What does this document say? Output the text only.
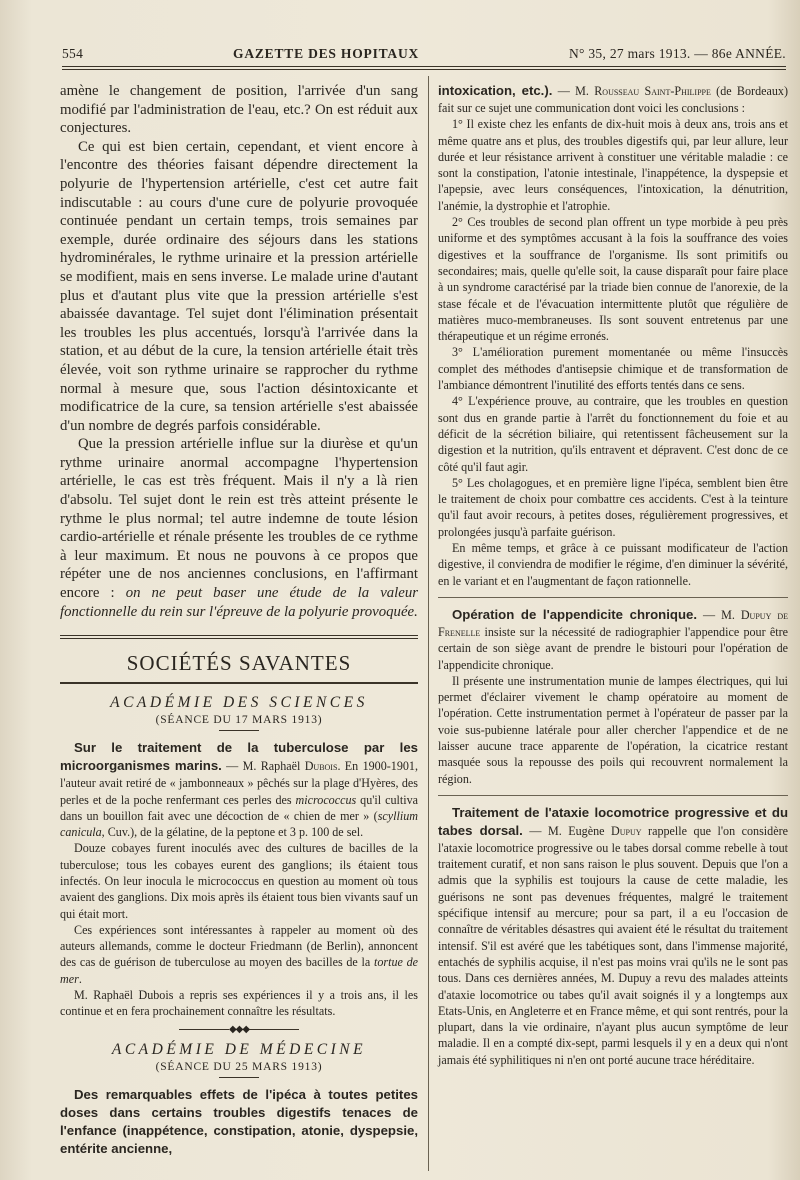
554	GAZETTE DES HOPITAUX	N° 35, 27 mars 1913. — 86e ANNÉE.

amène le changement de position, l'arrivée d'un sang modifié par l'administration de l'eau, etc.? On est réduit aux conjectures.

Ce qui est bien certain, cependant, et vient encore à l'encontre des théories faisant dépendre directement la polyurie de l'hypertension artérielle, c'est cet autre fait indiscutable : au cours d'une cure de polyurie provoquée continuée pendant un certain temps, trois semaines par exemple, durée ordinaire des séjours dans les stations hydrominérales, le rythme urinaire et la pression artérielle se modifient, mais en sens inverse. Le malade urine d'autant plus et d'autant plus vite que la pression artérielle s'est abaissée davantage. Tel sujet dont l'élimination présentait les troubles les plus accentués, lorsqu'à l'arrivée dans la station, et au début de la cure, la tension artérielle était très élevée, voit son rythme urinaire se rapprocher du rythme normal à mesure que, sous l'action désintoxicante et modificatrice de la cure, sa tension artérielle s'est abaissée d'un nombre de degrés parfois considérable.

Que la pression artérielle influe sur la diurèse et qu'un rythme urinaire anormal accompagne l'hypertension artérielle, le cas est très fréquent. Mais il n'y a là rien d'absolu. Tel sujet dont le rein est très atteint présente le rythme le plus normal; tel autre indemne de toute lésion cardio-artérielle et rénale présente les troubles de ce rythme à leur maximum. Et nous ne pouvons à ce propos que répéter une de nos anciennes conclusions, en l'affirmant encore : on ne peut baser une étude de la valeur fonctionnelle du rein sur l'épreuve de la polyurie provoquée.

SOCIÉTÉS SAVANTES
ACADÉMIE DES SCIENCES
(SÉANCE DU 17 MARS 1913)

Sur le traitement de la tuberculose par les microorganismes marins. — M. Raphaël Dubois. En 1900-1901, l'auteur avait retiré de « jambonneaux » pêchés sur la plage d'Hyères, des perles et de la poche renfermant ces perles des micrococcus qu'il cultiva dans un bouillon fait avec une décoction de « chien de mer » (scyllium canicula, Cuv.), de la gélatine, de la peptone et 3 p. 100 de sel.

Douze cobayes furent inoculés avec des cultures de bacilles de la tuberculose; tous les cobayes eurent des ganglions; ils étaient tous infectés. On leur inocula le micrococcus en question au moment où tous avaient des ganglions. Dix mois après ils étaient tous bien vivants sauf un qui était mort.

Ces expériences sont intéressantes à rappeler au moment où des auteurs allemands, comme le docteur Friedmann (de Berlin), annoncent des cas de guérison de tuberculose au moyen des bacilles de la tortue de mer.

M. Raphaël Dubois a repris ses expériences il y a trois ans, il les continue et en fera prochainement connaître les résultats.

◆◆◆
ACADÉMIE DE MÉDECINE
(SÉANCE DU 25 MARS 1913)

Des remarquables effets de l'ipéca à toutes petites doses dans certains troubles digestifs tenaces de l'enfance (inappétence, constipation, atonie, dyspepsie, entérite ancienne,

intoxication, etc.). — M. Rousseau Saint-Philippe (de Bordeaux) fait sur ce sujet une communication dont voici les conclusions :

1° Il existe chez les enfants de dix-huit mois à deux ans, trois ans et même quatre ans et plus, des troubles digestifs qui, par leur allure, leur durée et leur résistance arrivent à constituer une véritable maladie : ce sont la constipation, l'atonie intestinale, l'inappétence, la dyspepsie et l'apepsie, avec leurs conséquences, l'intoxication, la dénutrition, l'anémie, la dystrophie et l'atrophie.

2° Ces troubles de second plan offrent un type morbide à peu près uniforme et des symptômes accusant à la fois la souffrance des voies digestives et la souffrance de l'organisme. Ils sont primitifs ou secondaires; mais, quelle qu'elle soit, la cause disparaît pour faire place à un syndrome caractérisé par la triade bien connue de l'anorexie, de la stase fécale et de l'évacuation intermittente plutôt que régulière de matières muco-membraneuses. Ils sont souvent entretenus par une thérapeutique et un régime erronés.

3° L'amélioration purement momentanée ou même l'insuccès complet des méthodes d'antisepsie chimique et de transformation de l'ambiance démontrent l'inutilité des efforts tentés dans ce sens.

4° L'expérience prouve, au contraire, que les troubles en question sont dus en grande partie à l'arrêt du fonctionnement du foie et au déficit de la sécrétion biliaire, qui retentissent fâcheusement sur la digestion et la nutrition, qu'ils entravent et dépravent. C'est donc de ce côté qu'il faut agir.

5° Les cholagogues, et en première ligne l'ipéca, semblent bien être le traitement de choix pour combattre ces accidents. C'est à la teinture qu'il faut avoir recours, à petites doses, régulièrement progressives, et prolongées jusqu'à parfaite guérison.

En même temps, et grâce à ce puissant modificateur de l'action digestive, il conviendra de modifier le régime, d'en diminuer la sévérité, en le variant et en l'augmentant de façon rationnelle.

Opération de l'appendicite chronique. — M. Dupuy de Frenelle insiste sur la nécessité de radiographier l'appendice pour être certain de son siège avant de prendre le bistouri pour l'opération de l'appendicite chronique.

Il présente une instrumentation munie de lampes électriques, qui lui permet d'éclairer vivement le champ opératoire au moment de l'opération. Cette instrumentation permet à l'opérateur de passer par la voie sus-pubienne latérale pour aller chercher l'appendice et de ne laisser aucune trace apparente de l'opération, la cicatrice restant masquée sous la repousse des poils qui recouvrent normalement la région.

Traitement de l'ataxie locomotrice progressive et du tabes dorsal. — M. Eugène Dupuy rappelle que l'on considère l'ataxie locomotrice progressive ou le tabes dorsal comme rebelle à tout traitement curatif, et non sans raison le plus souvent. Depuis que l'on a admis que la syphilis est toujours la cause de cette maladie, les guérisons ne sont pas devenues fréquentes, malgré le traitement spécifique intensif au mercure; pour sa part, il a eu l'occasion de connaître de véritables désastres qui avaient été le résultat du traitement intensif. S'il est avéré que les tabétiques sont, dans l'immense majorité, entachés de syphilis acquise, il n'est pas moins vrai qu'ils ne le sont pas tous. Dans ces dernières années, M. Dupuy a revu des malades atteints d'ataxie locomotrice ou tabes qu'il avait soignés il y a longtemps aux Etats-Unis, en Angleterre et en France même, et qui sont rentrés, pour la plupart, dans la vie ordinaire, n'ayant plus aucun symptôme de leur maladie. Il en a compté dix-sept, parmi lesquels il y en a deux qui n'ont jamais été syphilitiques ni n'en ont porté aucune trace héréditaire.
